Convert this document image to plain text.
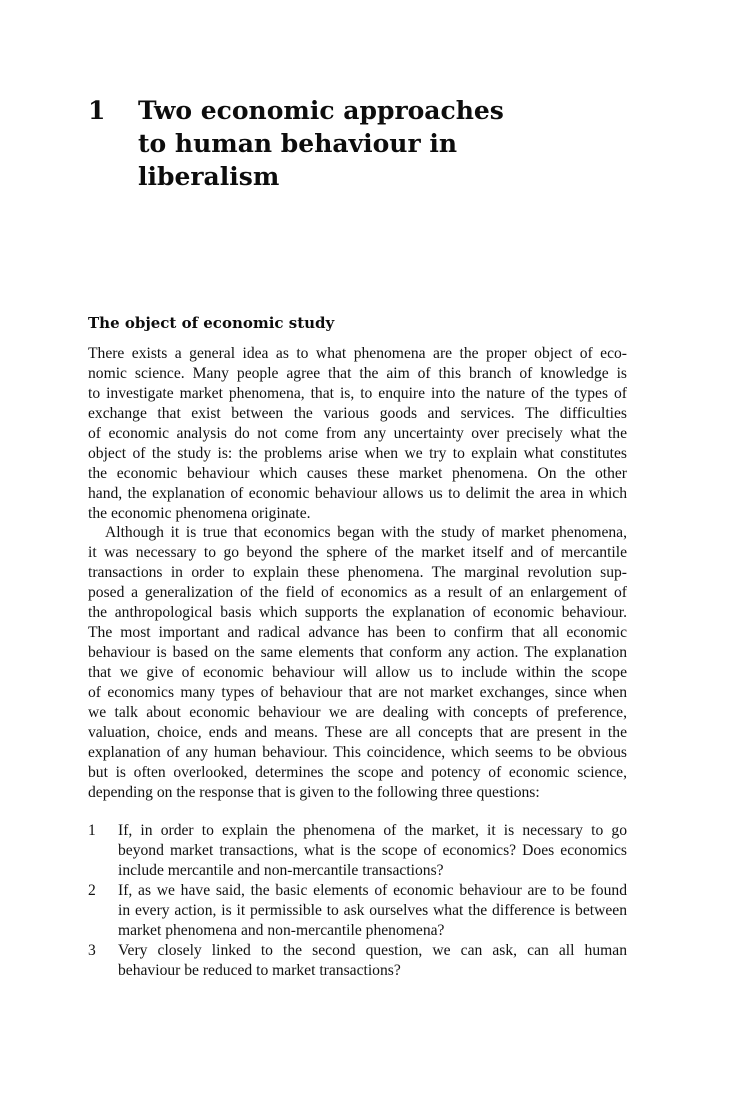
1 Two economic approaches
to human behaviour in
liberalism
The object of economic study
There exists a general idea as to what phenomena are the proper object of eco-
nomic science. Many people agree that the aim of this branch of knowledge is
to investigate market phenomena, that is, to enquire into the nature of the types of
exchange that exist between the various goods and services. The difficulties
of economic analysis do not come from any uncertainty over precisely what the
object of the study is: the problems arise when we try to explain what constitutes
the economic behaviour which causes these market phenomena. On the other
hand, the explanation of economic behaviour allows us to delimit the area in which
the economic phenomena originate.
Although it is true that economics began with the study of market phenomena,
it was necessary to go beyond the sphere of the market itself and of mercantile
transactions in order to explain these phenomena. The marginal revolution sup-
posed a generalization of the field of economics as a result of an enlargement of
the anthropological basis which supports the explanation of economic behaviour.
The most important and radical advance has been to confirm that all economic
behaviour is based on the same elements that conform any action. The explanation
that we give of economic behaviour will allow us to include within the scope
of economics many types of behaviour that are not market exchanges, since when
we talk about economic behaviour we are dealing with concepts of preference,
valuation, choice, ends and means. These are all concepts that are present in the
explanation of any human behaviour. This coincidence, which seems to be obvious
but is often overlooked, determines the scope and potency of economic science,
depending on the response that is given to the following three questions:
1 If, in order to explain the phenomena of the market, it is necessary to go
beyond market transactions, what is the scope of economics? Does economics
include mercantile and non-mercantile transactions?
2 If, as we have said, the basic elements of economic behaviour are to be found
in every action, is it permissible to ask ourselves what the difference is between
market phenomena and non-mercantile phenomena?
3 Very closely linked to the second question, we can ask, can all human
behaviour be reduced to market transactions?
